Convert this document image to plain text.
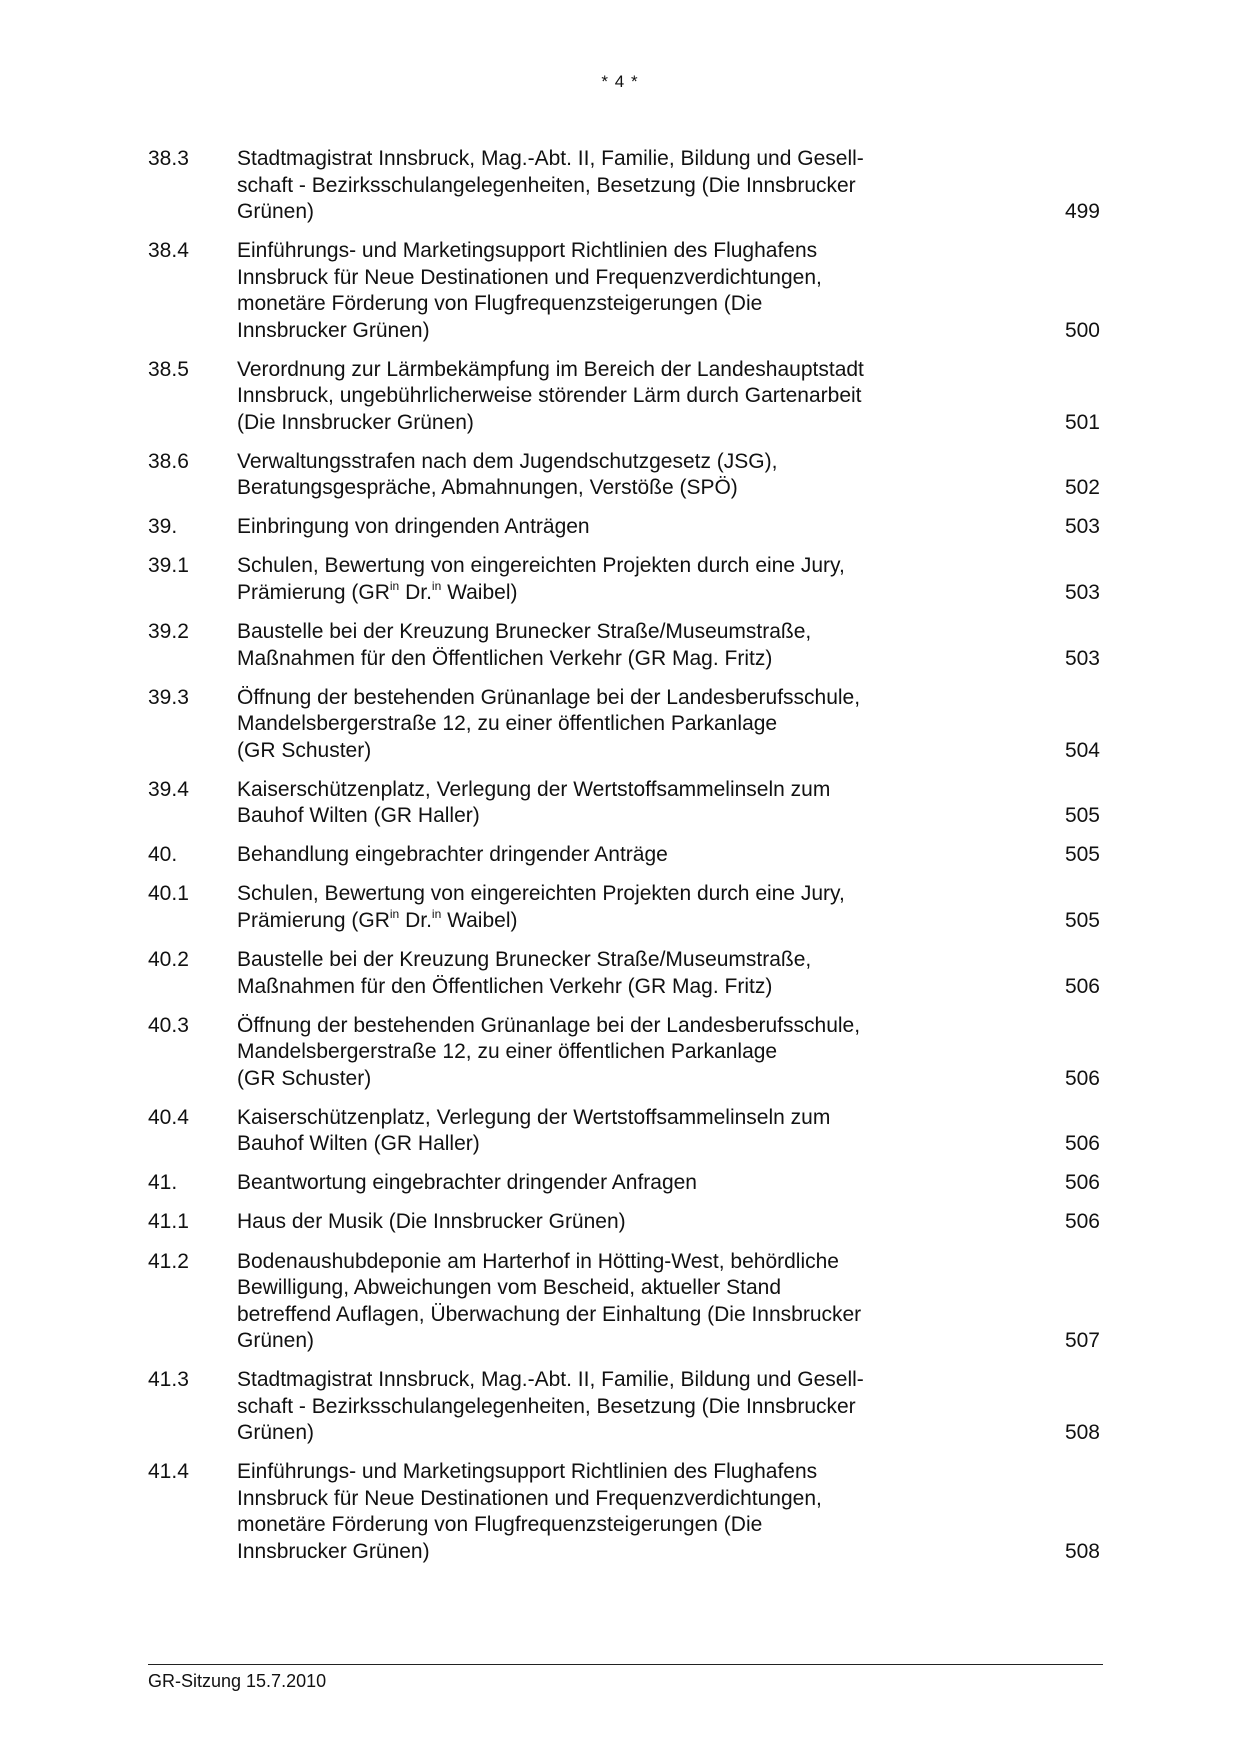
* 4 *
38.3	Stadtmagistrat Innsbruck, Mag.-Abt. II, Familie, Bildung und Gesell-
schaft - Bezirksschulangelegenheiten, Besetzung (Die Innsbrucker
Grünen)	499
38.4	Einführungs- und Marketingsupport Richtlinien des Flughafens
Innsbruck für Neue Destinationen und Frequenzverdichtungen,
monetäre Förderung von Flugfrequenzsteigerungen (Die
Innsbrucker Grünen)	500
38.5	Verordnung zur Lärmbekämpfung im Bereich der Landeshauptstadt
Innsbruck, ungebührlicherweise störender Lärm durch Gartenarbeit
(Die Innsbrucker Grünen)	501
38.6	Verwaltungsstrafen nach dem Jugendschutzgesetz (JSG),
Beratungsgespräche, Abmahnungen, Verstöße (SPÖ)	502
39.	Einbringung von dringenden Anträgen	503
39.1	Schulen, Bewertung von eingereichten Projekten durch eine Jury,
Prämierung ($GR^{in}$ Dr.$^{in}$ Waibel)	503
39.2	Baustelle bei der Kreuzung Brunecker Straße/Museumstraße,
Maßnahmen für den Öffentlichen Verkehr (GR Mag. Fritz)	503
39.3	Öffnung der bestehenden Grünanlage bei der Landesberufsschule,
Mandelsbergerstraße 12, zu einer öffentlichen Parkanlage
(GR Schuster)	504
39.4	Kaiserschützenplatz, Verlegung der Wertstoffsammelinseln zum
Bauhof Wilten (GR Haller)	505
40.	Behandlung eingebrachter dringender Anträge	505
40.1	Schulen, Bewertung von eingereichten Projekten durch eine Jury,
Prämierung ($GR^{in}$ Dr.$^{in}$ Waibel)	505
40.2	Baustelle bei der Kreuzung Brunecker Straße/Museumstraße,
Maßnahmen für den Öffentlichen Verkehr (GR Mag. Fritz)	506
40.3	Öffnung der bestehenden Grünanlage bei der Landesberufsschule,
Mandelsbergerstraße 12, zu einer öffentlichen Parkanlage
(GR Schuster)	506
40.4	Kaiserschützenplatz, Verlegung der Wertstoffsammelinseln zum
Bauhof Wilten (GR Haller)	506
41.	Beantwortung eingebrachter dringender Anfragen	506
41.1	Haus der Musik (Die Innsbrucker Grünen)	506
41.2	Bodenaushubdeponie am Harterhof in Hötting-West, behördliche
Bewilligung, Abweichungen vom Bescheid, aktueller Stand
betreffend Auflagen, Überwachung der Einhaltung (Die Innsbrucker
Grünen)	507
41.3	Stadtmagistrat Innsbruck, Mag.-Abt. II, Familie, Bildung und Gesell-
schaft - Bezirksschulangelegenheiten, Besetzung (Die Innsbrucker
Grünen)	508
41.4	Einführungs- und Marketingsupport Richtlinien des Flughafens
Innsbruck für Neue Destinationen und Frequenzverdichtungen,
monetäre Förderung von Flugfrequenzsteigerungen (Die
Innsbrucker Grünen)	508
GR-Sitzung 15.7.2010
